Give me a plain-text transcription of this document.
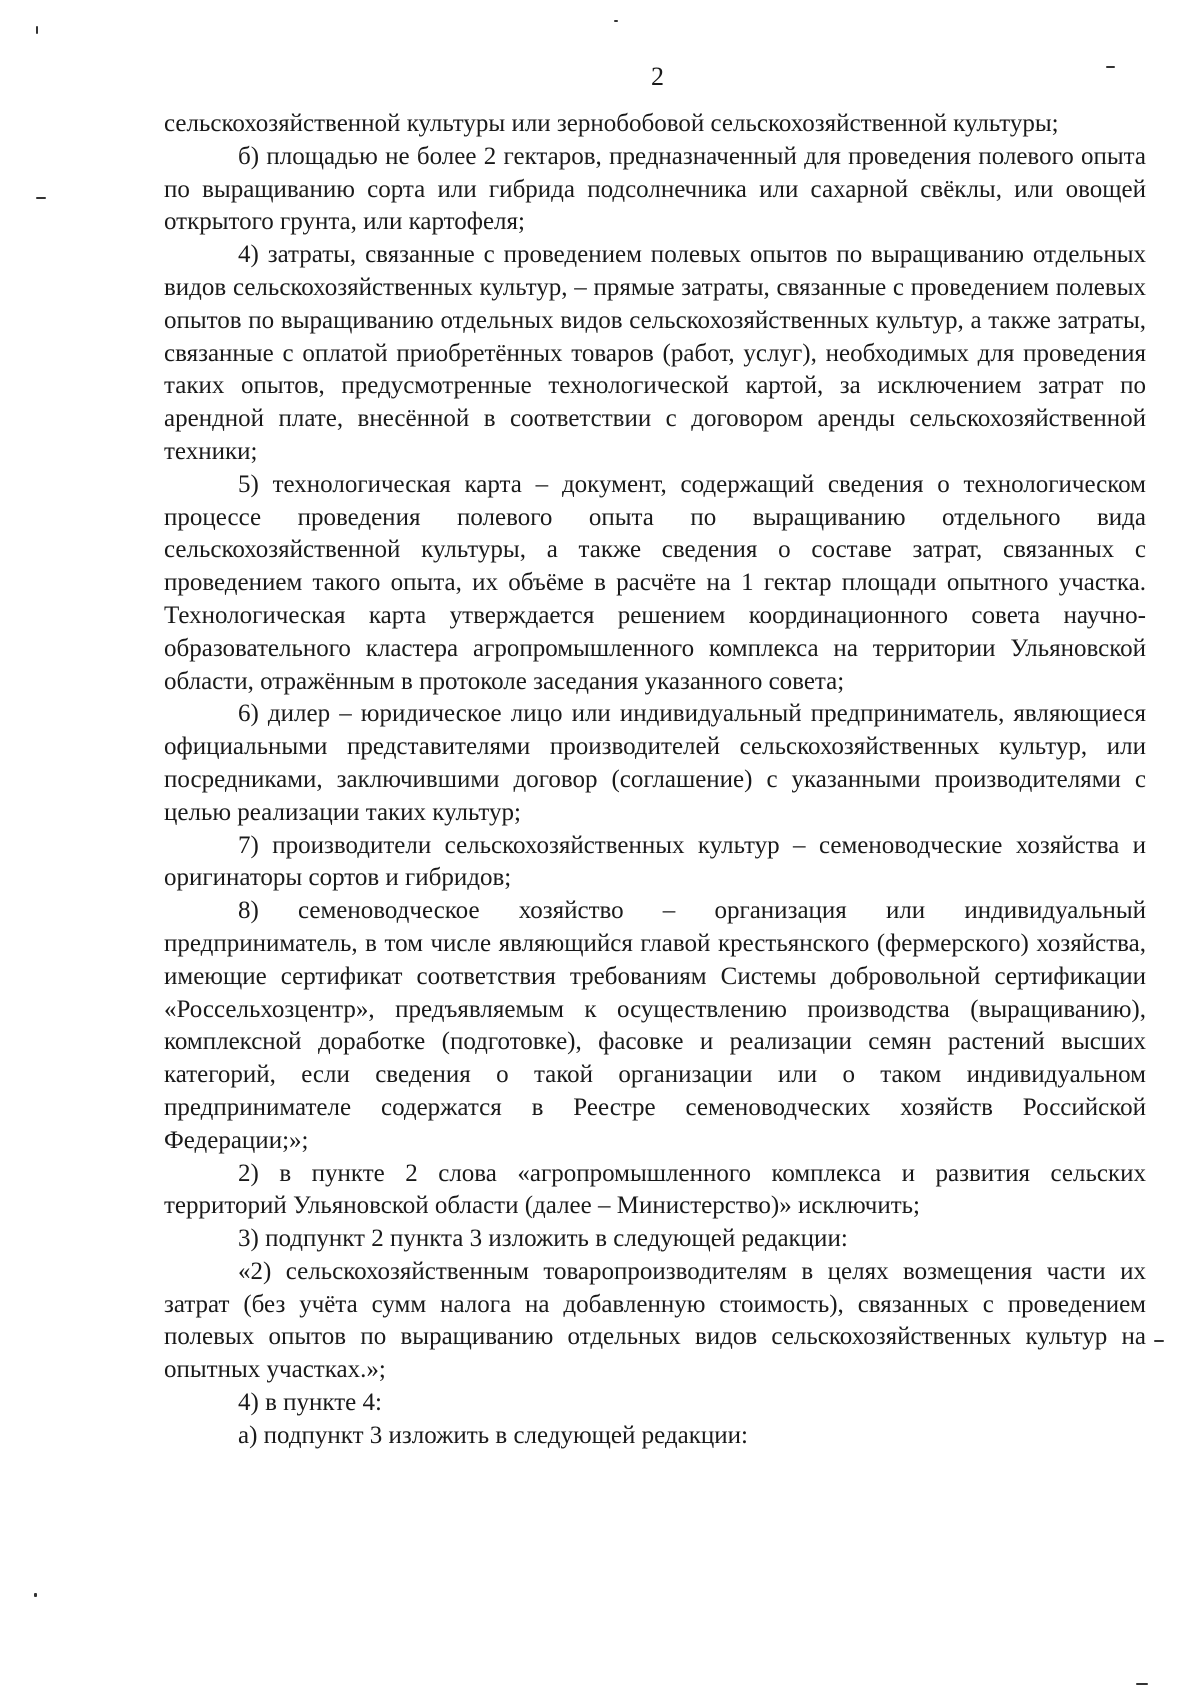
2

сельскохозяйственной культуры или зернобобовой сельскохозяйственной культуры;

б) площадью не более 2 гектаров, предназначенный для проведения полевого опыта по выращиванию сорта или гибрида подсолнечника или сахарной свёклы, или овощей открытого грунта, или картофеля;

4) затраты, связанные с проведением полевых опытов по выращиванию отдельных видов сельскохозяйственных культур, – прямые затраты, связанные с проведением полевых опытов по выращиванию отдельных видов сельскохозяйственных культур, а также затраты, связанные с оплатой приобретённых товаров (работ, услуг), необходимых для проведения таких опытов, предусмотренные технологической картой, за исключением затрат по арендной плате, внесённой в соответствии с договором аренды сельскохозяйственной техники;

5) технологическая карта – документ, содержащий сведения о технологическом процессе проведения полевого опыта по выращиванию отдельного вида сельскохозяйственной культуры, а также сведения о составе затрат, связанных с проведением такого опыта, их объёме в расчёте на 1 гектар площади опытного участка. Технологическая карта утверждается решением координационного совета научно-образовательного кластера агропромышленного комплекса на территории Ульяновской области, отражённым в протоколе заседания указанного совета;

6) дилер – юридическое лицо или индивидуальный предприниматель, являющиеся официальными представителями производителей сельскохозяйственных культур, или посредниками, заключившими договор (соглашение) с указанными производителями с целью реализации таких культур;

7) производители сельскохозяйственных культур – семеноводческие хозяйства и оригинаторы сортов и гибридов;

8) семеноводческое хозяйство – организация или индивидуальный предприниматель, в том числе являющийся главой крестьянского (фермерского) хозяйства, имеющие сертификат соответствия требованиям Системы добровольной сертификации «Россельхозцентр», предъявляемым к осуществлению производства (выращиванию), комплексной доработке (подготовке), фасовке и реализации семян растений высших категорий, если сведения о такой организации или о таком индивидуальном предпринимателе содержатся в Реестре семеноводческих хозяйств Российской Федерации;»;

2) в пункте 2 слова «агропромышленного комплекса и развития сельских территорий Ульяновской области (далее – Министерство)» исключить;

3) подпункт 2 пункта 3 изложить в следующей редакции:

«2) сельскохозяйственным товаропроизводителям в целях возмещения части их затрат (без учёта сумм налога на добавленную стоимость), связанных с проведением полевых опытов по выращиванию отдельных видов сельскохозяйственных культур на опытных участках.»;

4) в пункте 4:

а) подпункт 3 изложить в следующей редакции:
